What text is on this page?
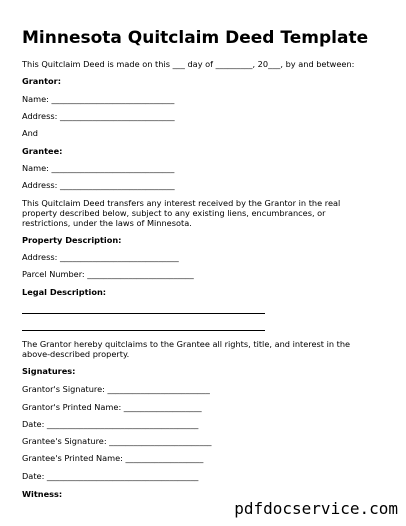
Minnesota Quitclaim Deed Template
This Quitclaim Deed is made on this ___ day of _________, 20___, by and between:
Grantor:
Name: ______________________________
Address: ____________________________
And
Grantee:
Name: ______________________________
Address: ____________________________
This Quitclaim Deed transfers any interest received by the Grantor in the real property described below, subject to any existing liens, encumbrances, or restrictions, under the laws of Minnesota.
Property Description:
Address: _____________________________
Parcel Number: __________________________
Legal Description:
The Grantor hereby quitclaims to the Grantee all rights, title, and interest in the above-described property.
Signatures:
Grantor's Signature: _________________________
Grantor's Printed Name: ___________________
Date: _____________________________________
Grantee's Signature: _________________________
Grantee's Printed Name: ___________________
Date: _____________________________________
Witness:
pdfdocservice.com
